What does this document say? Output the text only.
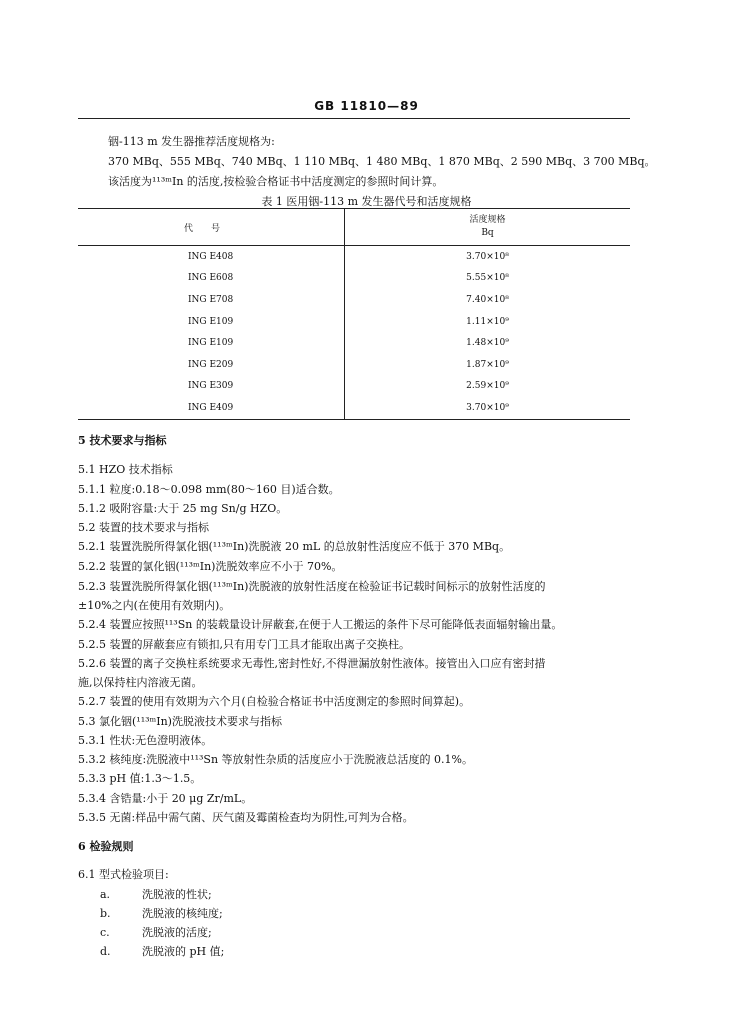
GB 11810—89
铟-113 m 发生器推荐活度规格为:
370 MBq、555 MBq、740 MBq、1 110 MBq、1 480 MBq、1 870 MBq、2 590 MBq、3 700 MBq。
该活度为¹¹³ᵐIn 的活度,按检验合格证书中活度测定的参照时间计算。
表 1 医用铟-113 m 发生器代号和活度规格
代号	活度规格
Bq

ING E408	3.70×10⁸
ING E608	5.55×10⁸
ING E708	7.40×10⁸
ING E109	1.11×10⁹
ING E109	1.48×10⁹
ING E209	1.87×10⁹
ING E309	2.59×10⁹
ING E409	3.70×10⁹
5 技术要求与指标
5.1 HZO 技术指标
5.1.1 粒度:0.18～0.098 mm(80～160 目)适合数。
5.1.2 吸附容量:大于 25 mg Sn/g HZO。
5.2 装置的技术要求与指标
5.2.1 装置洗脱所得氯化铟(¹¹³ᵐIn)洗脱液 20 mL 的总放射性活度应不低于 370 MBq。
5.2.2 装置的氯化铟(¹¹³ᵐIn)洗脱效率应不小于 70%。
5.2.3 装置洗脱所得氯化铟(¹¹³ᵐIn)洗脱液的放射性活度在检验证书记载时间标示的放射性活度的
±10%之内(在使用有效期内)。
5.2.4 装置应按照¹¹³Sn 的装载量设计屏蔽套,在便于人工搬运的条件下尽可能降低表面辐射输出量。
5.2.5 装置的屏蔽套应有锁扣,只有用专门工具才能取出离子交换柱。
5.2.6 装置的离子交换柱系统要求无毒性,密封性好,不得泄漏放射性液体。接管出入口应有密封措
施,以保持柱内溶液无菌。
5.2.7 装置的使用有效期为六个月(自检验合格证书中活度测定的参照时间算起)。
5.3 氯化铟(¹¹³ᵐIn)洗脱液技术要求与指标
5.3.1 性状:无色澄明液体。
5.3.2 核纯度:洗脱液中¹¹³Sn 等放射性杂质的活度应小于洗脱液总活度的 0.1%。
5.3.3 pH 值:1.3～1.5。
5.3.4 含锆量:小于 20 μg Zr/mL。
5.3.5 无菌:样品中需气菌、厌气菌及霉菌检查均为阴性,可判为合格。
6 检验规则
6.1 型式检验项目:
a.	洗脱液的性状;
b.	洗脱液的核纯度;
c.	洗脱液的活度;
d.	洗脱液的 pH 值;
